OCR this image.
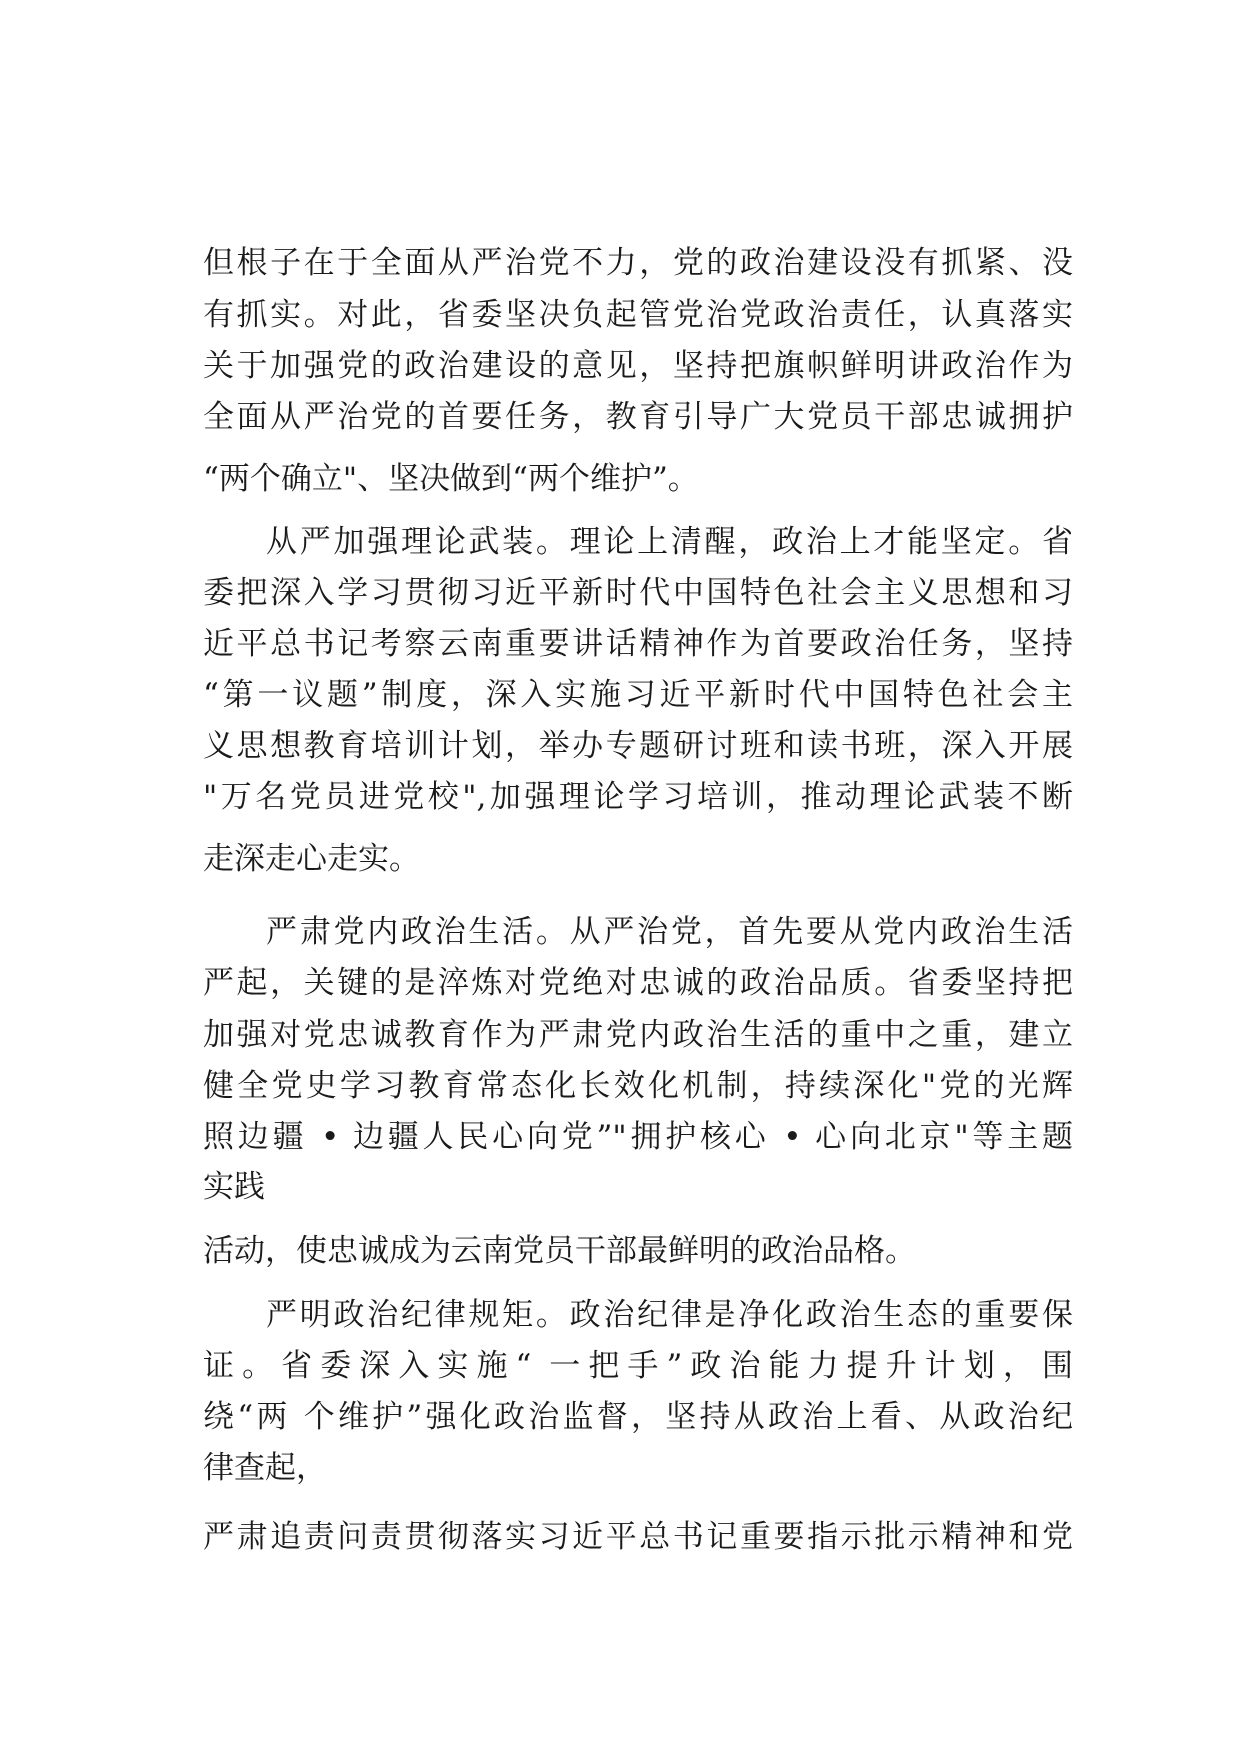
但根子在于全面从严治党不力，党的政治建设没有抓紧、没
有抓实。对此，省委坚决负起管党治党政治责任，认真落实
关于加强党的政治建设的意见，坚持把旗帜鲜明讲政治作为
全面从严治党的首要任务，教育引导广大党员干部忠诚拥护
“两个确立"、坚决做到“两个维护”。
从严加强理论武装。理论上清醒，政治上才能坚定。省
委把深入学习贯彻习近平新时代中国特色社会主义思想和习
近平总书记考察云南重要讲话精神作为首要政治任务，坚持
“第一议题”制度，深入实施习近平新时代中国特色社会主
义思想教育培训计划，举办专题研讨班和读书班，深入开展
"万名党员进党校",加强理论学习培训，推动理论武装不断
走深走心走实。
严肃党内政治生活。从严治党，首先要从党内政治生活
严起，关键的是淬炼对党绝对忠诚的政治品质。省委坚持把
加强对党忠诚教育作为严肃党内政治生活的重中之重，建立
健全党史学习教育常态化长效化机制，持续深化"党的光辉
照边疆 • 边疆人民心向党”"拥护核心 • 心向北京"等主题
实践
活动，使忠诚成为云南党员干部最鲜明的政治品格。
严明政治纪律规矩。政治纪律是净化政治生态的重要保
证。省委深入实施“ 一把手”政治能力提升计划，围
绕“两 个维护”强化政治监督，坚持从政治上看、从政治纪
律查起，
严肃追责问责贯彻落实习近平总书记重要指示批示精神和党
